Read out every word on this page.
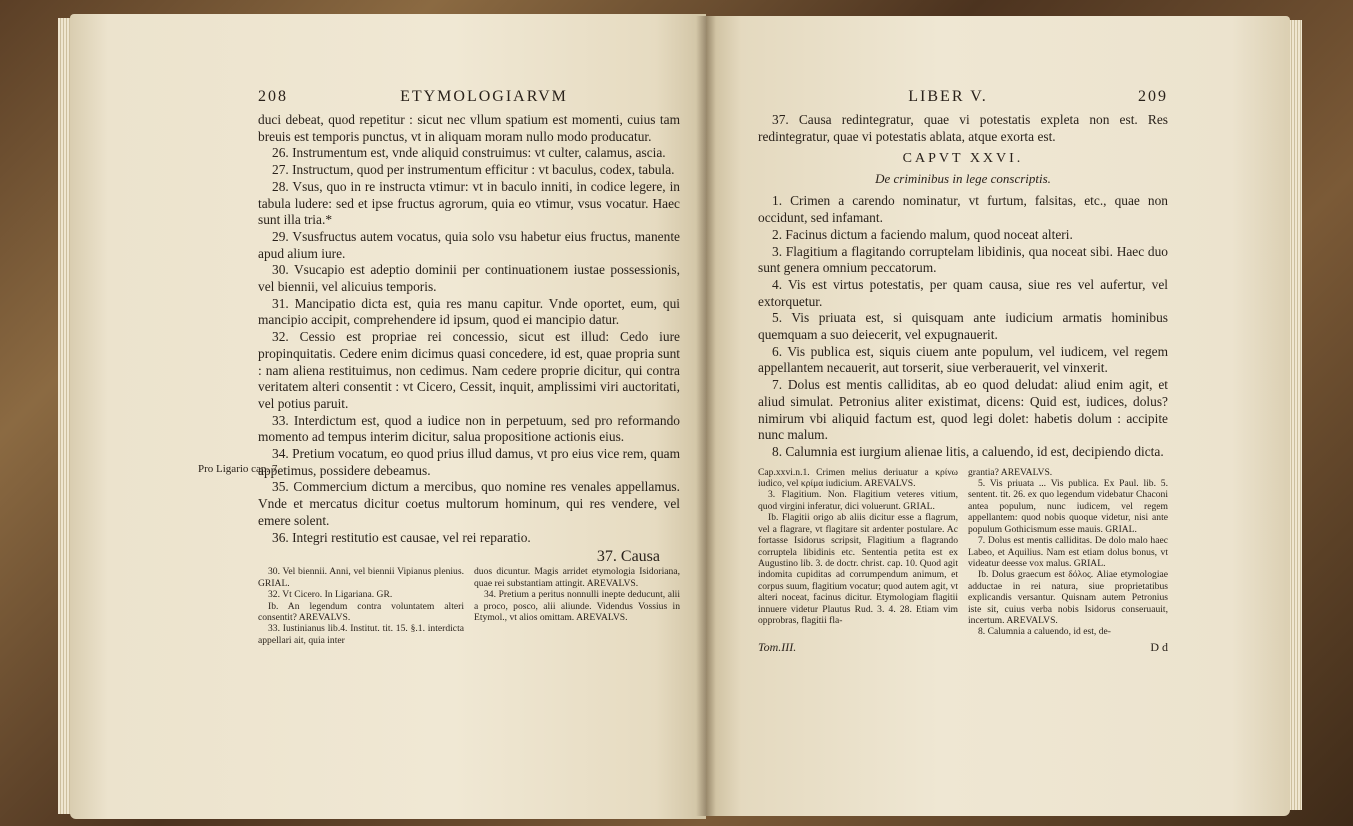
208	ETYMOLOGIARVM

duci debeat, quod repetitur : sicut nec vllum spatium est momenti, cuius tam breuis est temporis punctus, vt in aliquam moram nullo modo producatur.

26. Instrumentum est, vnde aliquid construimus: vt culter, calamus, ascia.

27. Instructum, quod per instrumentum efficitur : vt baculus, codex, tabula.

28. Vsus, quo in re instructa vtimur: vt in baculo inniti, in codice legere, in tabula ludere: sed et ipse fructus agrorum, quia eo vtimur, vsus vocatur. Haec sunt illa tria.*

29. Vsusfructus autem vocatus, quia solo vsu habetur eius fructus, manente apud alium iure.

30. Vsucapio est adeptio dominii per continuationem iustae possessionis, vel biennii, vel alicuius temporis.

31. Mancipatio dicta est, quia res manu capitur. Vnde oportet, eum, qui mancipio accipit, comprehendere id ipsum, quod ei mancipio datur.

32. Cessio est propriae rei concessio, sicut est illud: Cedo iure propinquitatis. Cedere enim dicimus quasi concedere, id est, quae propria sunt : nam aliena restituimus, non cedimus. Nam cedere proprie dicitur, qui contra veritatem alteri consentit : vt Cicero, Cessit, inquit, amplissimi viri auctoritati, vel potius paruit.

33. Interdictum est, quod a iudice non in perpetuum, sed pro reformando momento ad tempus interim dicitur, salua propositione actionis eius.

34. Pretium vocatum, eo quod prius illud damus, vt pro eius vice rem, quam appetimus, possidere debeamus.

35. Commercium dictum a mercibus, quo nomine res venales appellamus. Vnde et mercatus dicitur coetus multorum hominum, qui res vendere, vel emere solent.

36. Integri restitutio est causae, vel rei reparatio.

37. Causa

30. Vel biennii. Anni, vel biennii Vipianus plenius. GRIAL.

32. Vt Cicero. In Ligariana. GR.

Ib. An legendum contra voluntatem alteri consentit? AREVALVS.

33. Iustinianus lib.4. Institut. tit. 15. §.1. interdicta appellari ait, quia inter

duos dicuntur. Magis arridet etymologia Isidoriana, quae rei substantiam attingit. AREVALVS.

34. Pretium a peritus nonnulli inepte deducunt, alii a proco, posco, alii aliunde. Videndus Vossius in Etymol., vt alios omittam. AREVALVS.

Pro Ligario cap. 7.
LIBER V.	209

37. Causa redintegratur, quae vi potestatis expleta non est. Res redintegratur, quae vi potestatis ablata, atque exorta est.

CAPVT XXVI.
De criminibus in lege conscriptis.

1. Crimen a carendo nominatur, vt furtum, falsitas, etc., quae non occidunt, sed infamant.

2. Facinus dictum a faciendo malum, quod noceat alteri.

3. Flagitium a flagitando corruptelam libidinis, qua noceat sibi. Haec duo sunt genera omnium peccatorum.

4. Vis est virtus potestatis, per quam causa, siue res vel aufertur, vel extorquetur.

5. Vis priuata est, si quisquam ante iudicium armatis hominibus quemquam a suo deiecerit, vel expugnauerit.

6. Vis publica est, siquis ciuem ante populum, vel iudicem, vel regem appellantem necauerit, aut torserit, siue verberauerit, vel vinxerit.

7. Dolus est mentis calliditas, ab eo quod deludat: aliud enim agit, et aliud simulat. Petronius aliter existimat, dicens: Quid est, iudices, dolus? nimirum vbi aliquid factum est, quod legi dolet: habetis dolum : accipite nunc malum.

8. Calumnia est iurgium alienae litis, a caluendo, id est, decipiendo dicta.

Cap.xxvi.n.1. Crimen melius deriuatur a κρίνω iudico, vel κρίμα iudicium. AREVALVS.

3. Flagitium. Non. Flagitium veteres vitium, quod virgini inferatur, dici voluerunt. GRIAL.

Ib. Flagitii origo ab aliis dicitur esse a flagrum, vel a flagrare, vt flagitare sit ardenter postulare. Ac fortasse Isidorus scripsit, Flagitium a flagrando corruptela libidinis etc. Sententia petita est ex Augustino lib. 3. de doctr. christ. cap. 10. Quod agit indomita cupiditas ad corrumpendum animum, et corpus suum, flagitium vocatur; quod autem agit, vt alteri noceat, facinus dicitur. Etymologiam flagitii innuere videtur Plautus Rud. 3. 4. 28. Etiam vim opprobras, flagitii fla-

grantia? AREVALVS.

5. Vis priuata ... Vis publica. Ex Paul. lib. 5. sentent. tit. 26. ex quo legendum videbatur Chaconi antea populum, nunc iudicem, vel regem appellantem: quod nobis quoque videtur, nisi ante populum Gothicismum esse mauis. GRIAL.

7. Dolus est mentis calliditas. De dolo malo haec Labeo, et Aquilius. Nam est etiam dolus bonus, vt videatur deesse vox malus. GRIAL.

Ib. Dolus graecum est δόλος. Aliae etymologiae adductae in rei natura, siue proprietatibus explicandis versantur. Quisnam autem Petronius iste sit, cuius verba nobis Isidorus conseruauit, incertum. AREVALVS.

8. Calumnia a caluendo, id est, de-

Tom.III.	D d
